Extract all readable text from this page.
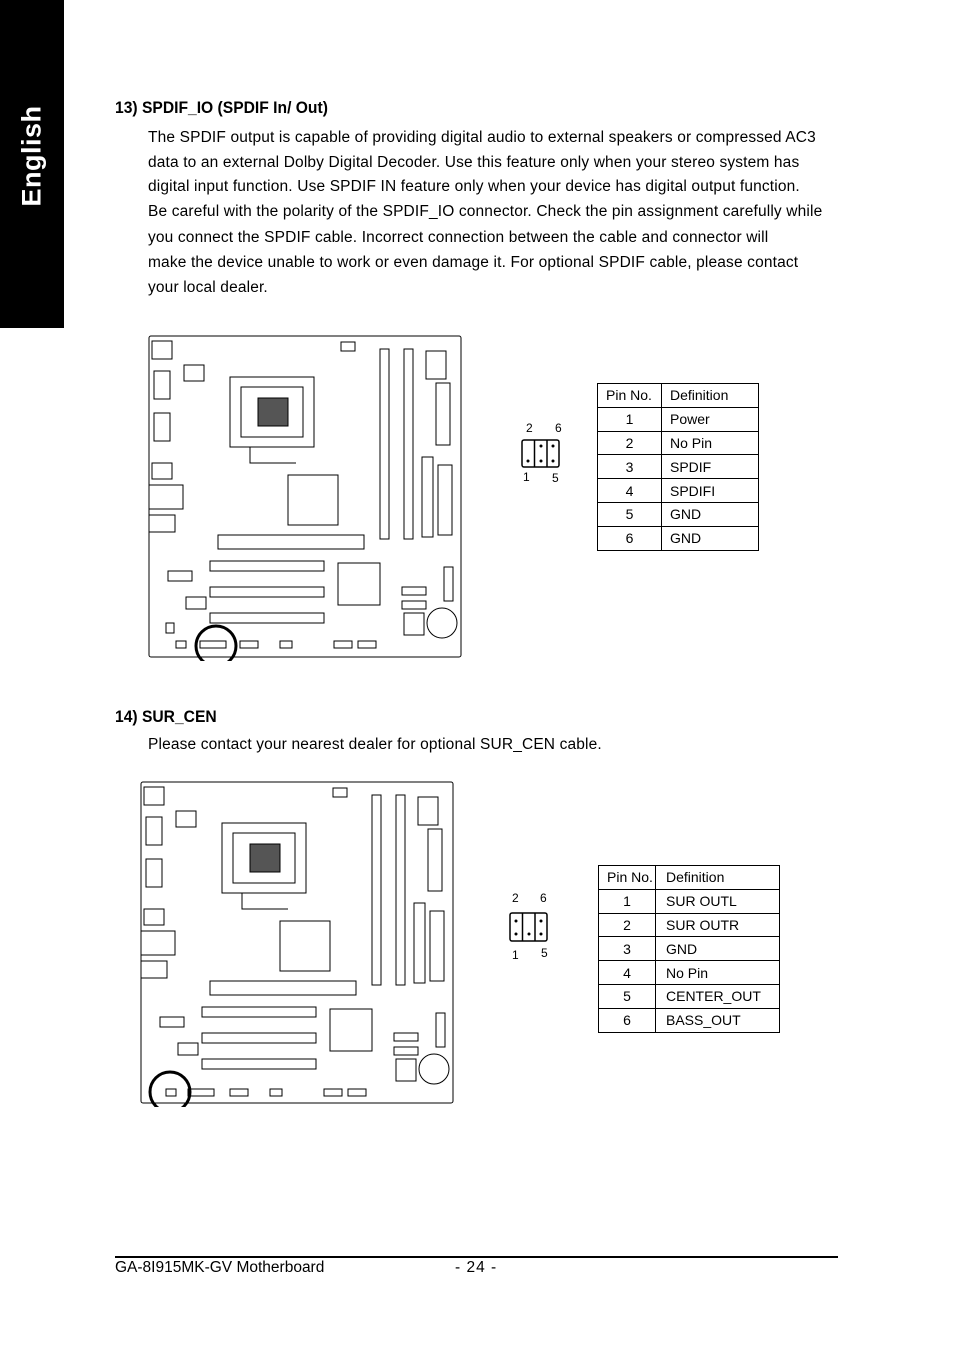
English	13) SPDIF_IO (SPDIF In/ Out)
The SPDIF output is capable of providing digital audio to external speakers or compressed AC3
data to an external Dolby Digital Decoder. Use this feature only when your stereo system has
digital input function. Use SPDIF IN feature only when your device has digital output function.
Be careful with the polarity of the SPDIF_IO connector. Check the pin assignment carefully while
you connect the SPDIF cable. Incorrect connection between the cable and connector will
make the device unable to work or even damage it. For optional SPDIF cable, please contact
your local dealer.
2 6
1 5
Pin No.	Definition
1	Power
2	No Pin
3	SPDIF
4	SPDIFI
5	GND
6	GND
14) SUR_CEN
Please contact your nearest dealer for optional SUR_CEN cable.
2 6
1 5
Pin No.	Definition
1	SUR OUTL
2	SUR OUTR
3	GND
4	No Pin
5	CENTER_OUT
6	BASS_OUT
GA-8I915MK-GV Motherboard	- 24 -
